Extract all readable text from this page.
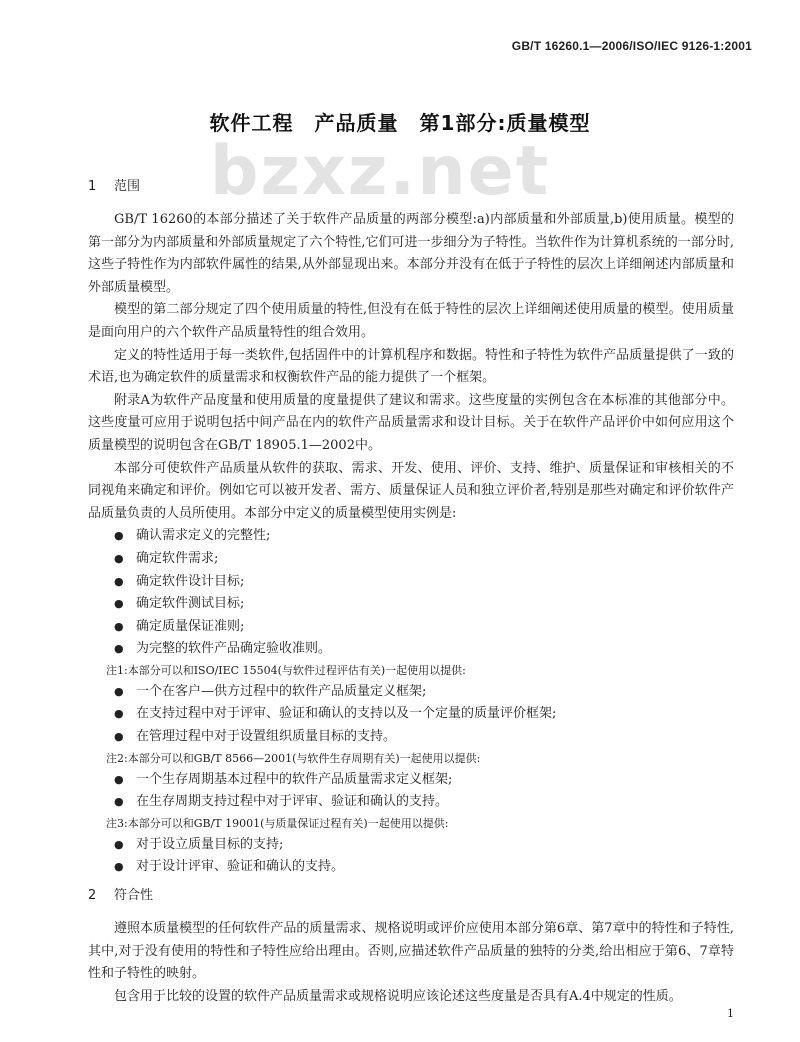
GB/T 16260.1—2006/ISO/IEC 9126-1:2001
软件工程　产品质量　第1部分:质量模型
bzxz.net
1 范围

GB/T 16260的本部分描述了关于软件产品质量的两部分模型:a)内部质量和外部质量,b)使用质量。模型的第一部分为内部质量和外部质量规定了六个特性,它们可进一步细分为子特性。当软件作为计算机系统的一部分时,这些子特性作为内部软件属性的结果,从外部显现出来。本部分并没有在低于子特性的层次上详细阐述内部质量和外部质量模型。

模型的第二部分规定了四个使用质量的特性,但没有在低于特性的层次上详细阐述使用质量的模型。使用质量是面向用户的六个软件产品质量特性的组合效用。

定义的特性适用于每一类软件,包括固件中的计算机程序和数据。特性和子特性为软件产品质量提供了一致的术语,也为确定软件的质量需求和权衡软件产品的能力提供了一个框架。

附录A为软件产品度量和使用质量的度量提供了建议和需求。这些度量的实例包含在本标准的其他部分中。这些度量可应用于说明包括中间产品在内的软件产品质量需求和设计目标。关于在软件产品评价中如何应用这个质量模型的说明包含在GB/T 18905.1—2002中。

本部分可使软件产品质量从软件的获取、需求、开发、使用、评价、支持、维护、质量保证和审核相关的不同视角来确定和评价。例如它可以被开发者、需方、质量保证人员和独立评价者,特别是那些对确定和评价软件产品质量负责的人员所使用。本部分中定义的质量模型使用实例是:

● 确认需求定义的完整性;
● 确定软件需求;
● 确定软件设计目标;
● 确定软件测试目标;
● 确定质量保证准则;
● 为完整的软件产品确定验收准则。
注1:本部分可以和ISO/IEC 15504(与软件过程评估有关)一起使用以提供:
● 一个在客户—供方过程中的软件产品质量定义框架;
● 在支持过程中对于评审、验证和确认的支持以及一个定量的质量评价框架;
● 在管理过程中对于设置组织质量目标的支持。
注2:本部分可以和GB/T 8566—2001(与软件生存周期有关)一起使用以提供:
● 一个生存周期基本过程中的软件产品质量需求定义框架;
● 在生存周期支持过程中对于评审、验证和确认的支持。
注3:本部分可以和GB/T 19001(与质量保证过程有关)一起使用以提供:
● 对于设立质量目标的支持;
● 对于设计评审、验证和确认的支持。
2 符合性

遵照本质量模型的任何软件产品的质量需求、规格说明或评价应使用本部分第6章、第7章中的特性和子特性,其中,对于没有使用的特性和子特性应给出理由。否则,应描述软件产品质量的独特的分类,给出相应于第6、7章特性和子特性的映射。

包含用于比较的设置的软件产品质量需求或规格说明应该论述这些度量是否具有A.4中规定的性质。

1
